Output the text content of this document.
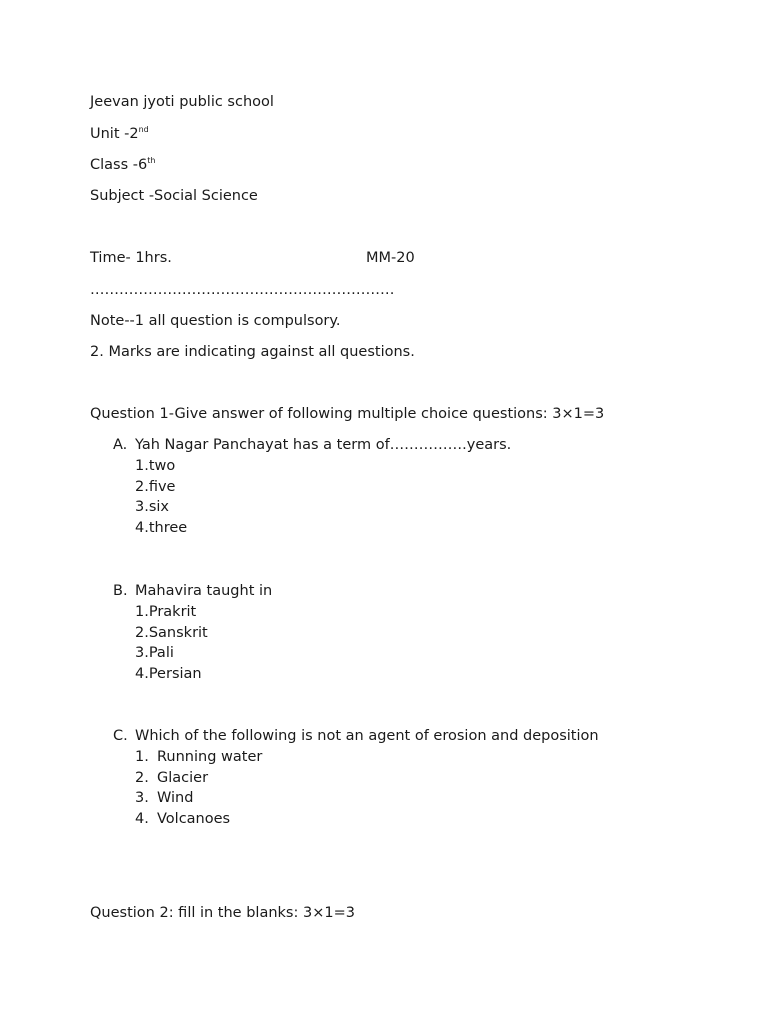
Jeevan jyoti public school
Unit -2nd
Class -6th
Subject -Social Science
Time- 1hrs.	MM-20
………………………………………………………
Note--1 all question is compulsory.
2. Marks are indicating against all questions.
Question 1-Give answer of following multiple choice questions: 3×1=3
A. Yah Nagar Panchayat has a term of…………….years.
1.two
2.five
3.six
4.three
B. Mahavira taught in
1.Prakrit
2.Sanskrit
3.Pali
4.Persian
C. Which of the following is not an agent of erosion and deposition
1. Running water
2. Glacier
3. Wind
4. Volcanoes
Question 2: fill in the blanks: 3×1=3
